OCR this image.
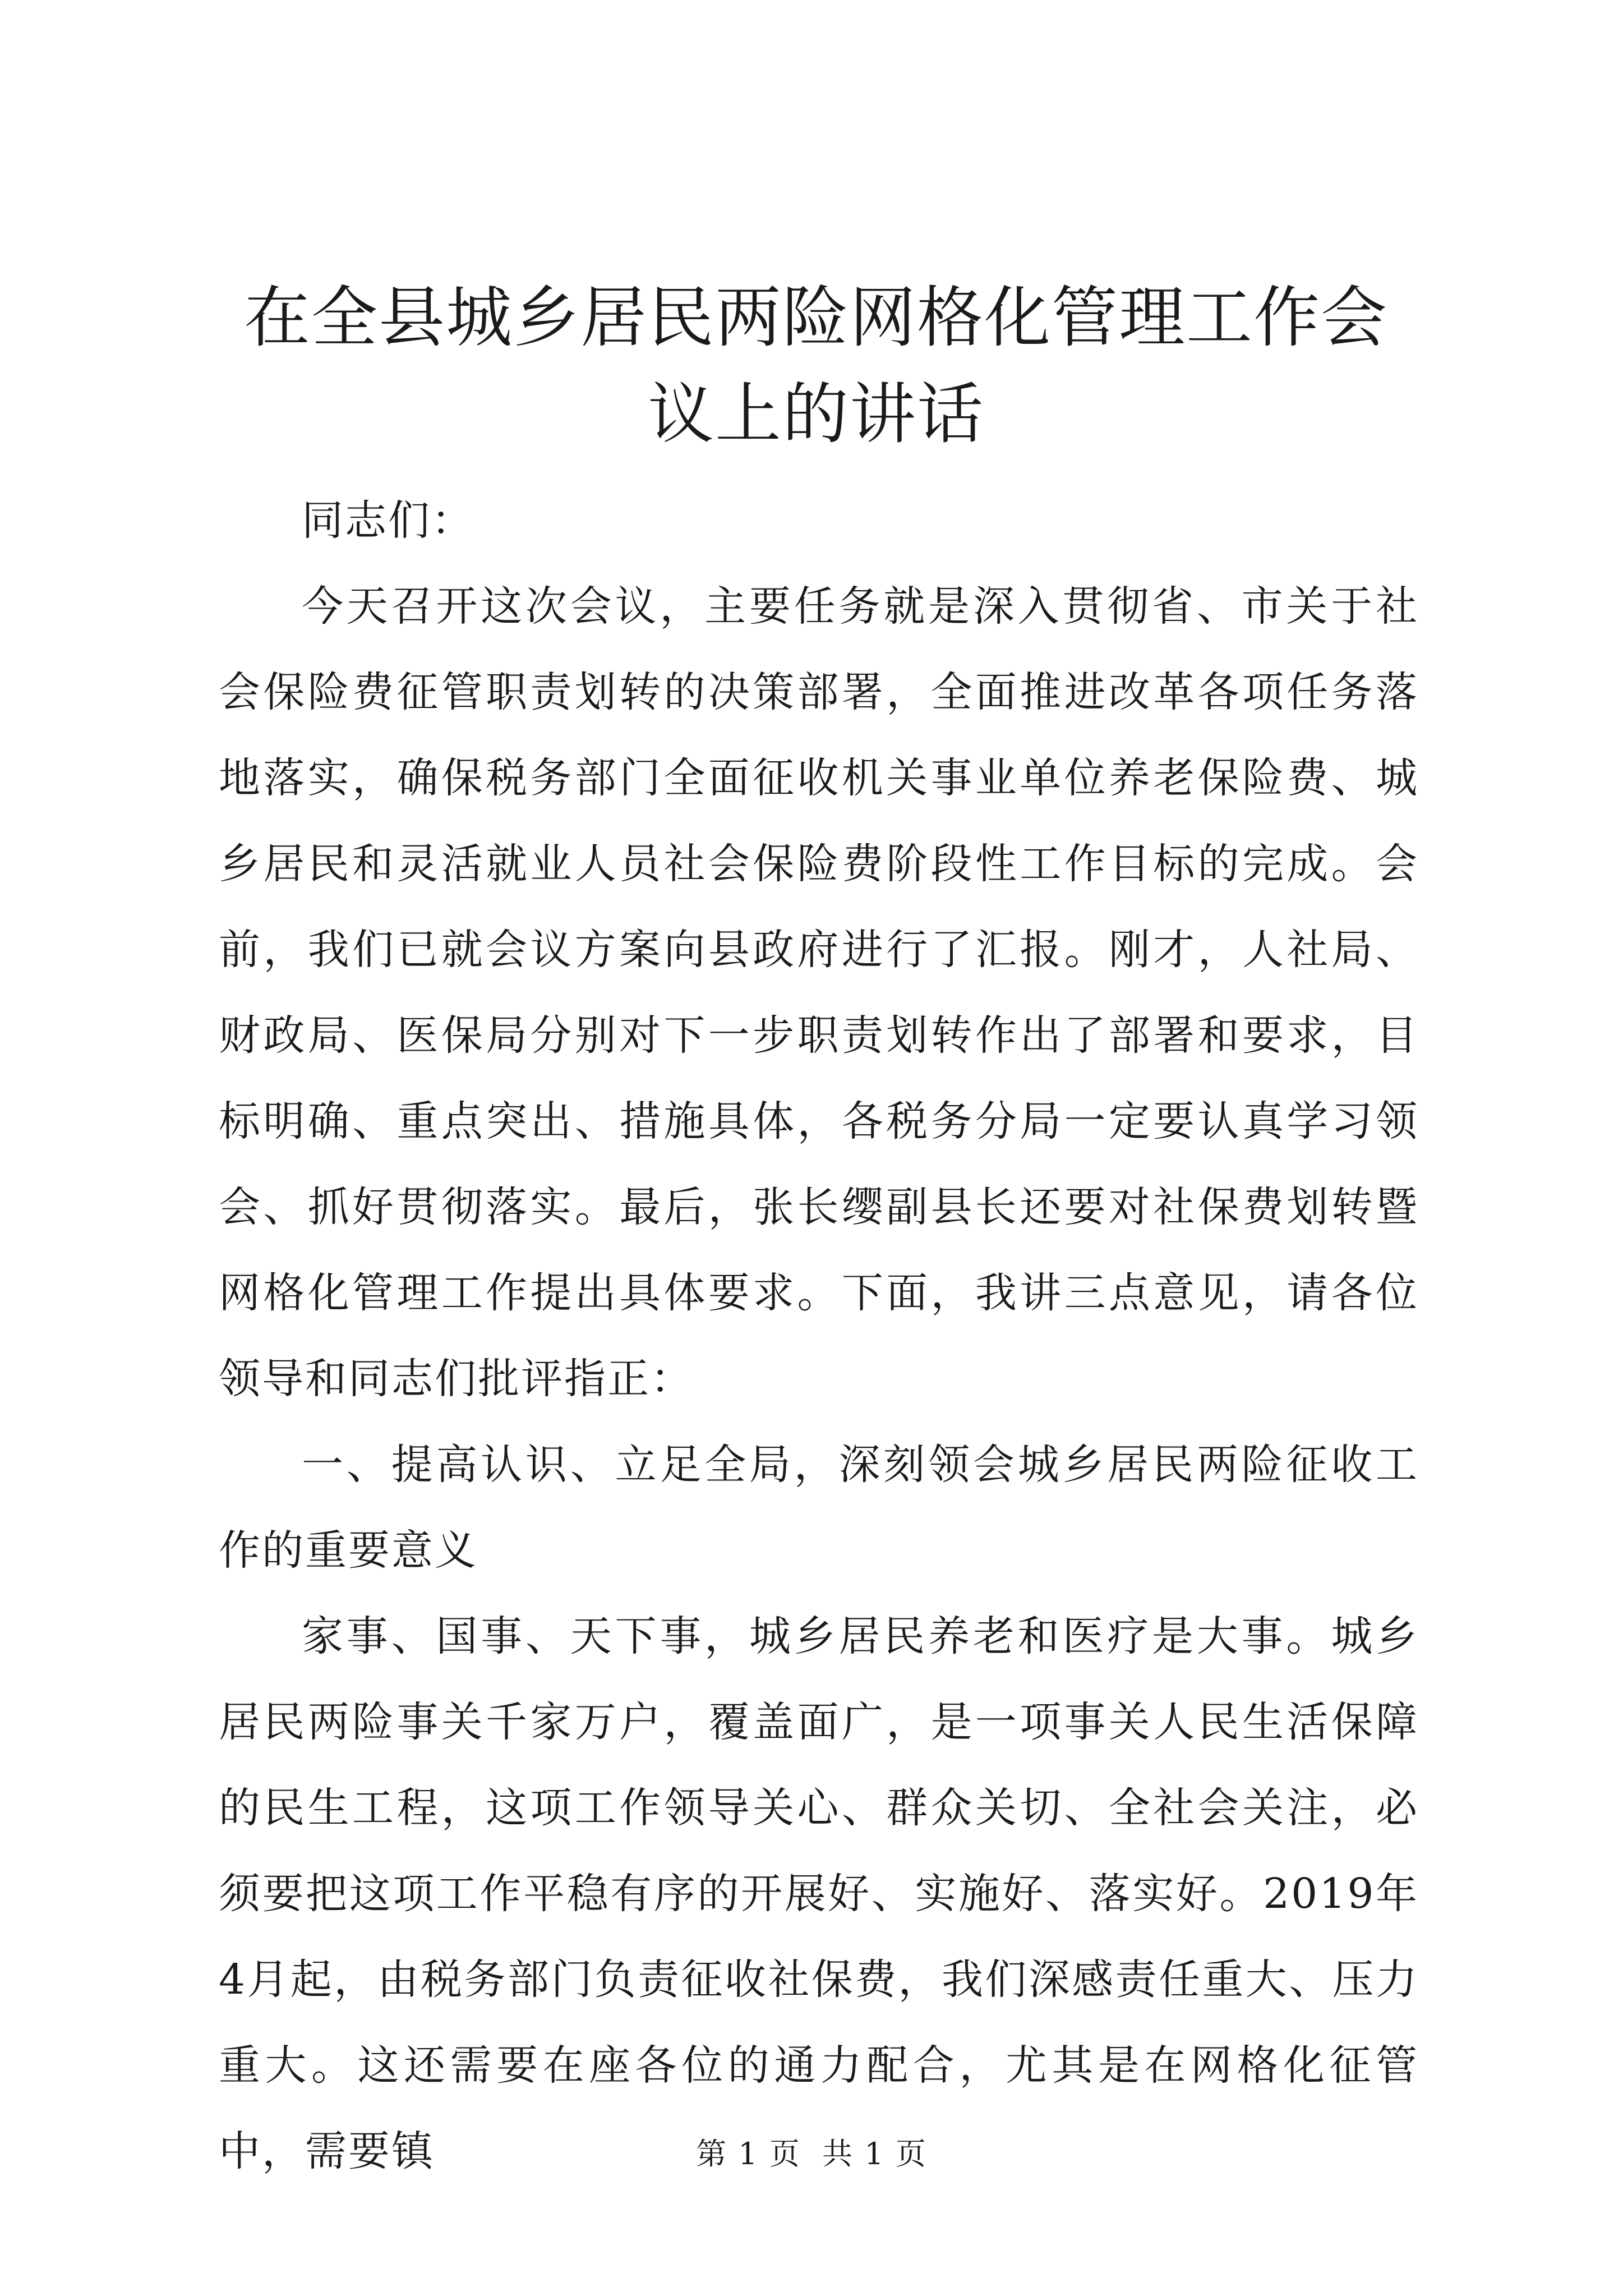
在全县城乡居民两险网格化管理工作会议上的讲话

同志们：

今天召开这次会议，主要任务就是深入贯彻省、市关于社会保险费征管职责划转的决策部署，全面推进改革各项任务落地落实，确保税务部门全面征收机关事业单位养老保险费、城乡居民和灵活就业人员社会保险费阶段性工作目标的完成。会前，我们已就会议方案向县政府进行了汇报。刚才，人社局、财政局、医保局分别对下一步职责划转作出了部署和要求，目标明确、重点突出、措施具体，各税务分局一定要认真学习领会、抓好贯彻落实。最后，张长缨副县长还要对社保费划转暨网格化管理工作提出具体要求。下面，我讲三点意见，请各位领导和同志们批评指正：

一、提高认识、立足全局，深刻领会城乡居民两险征收工作的重要意义

家事、国事、天下事，城乡居民养老和医疗是大事。城乡居民两险事关千家万户，覆盖面广，是一项事关人民生活保障的民生工程，这项工作领导关心、群众关切、全社会关注，必须要把这项工作平稳有序的开展好、实施好、落实好。2019年4月起，由税务部门负责征收社保费，我们深感责任重大、压力重大。这还需要在座各位的通力配合，尤其是在网格化征管中，需要镇	第 1 页 共 1 页
